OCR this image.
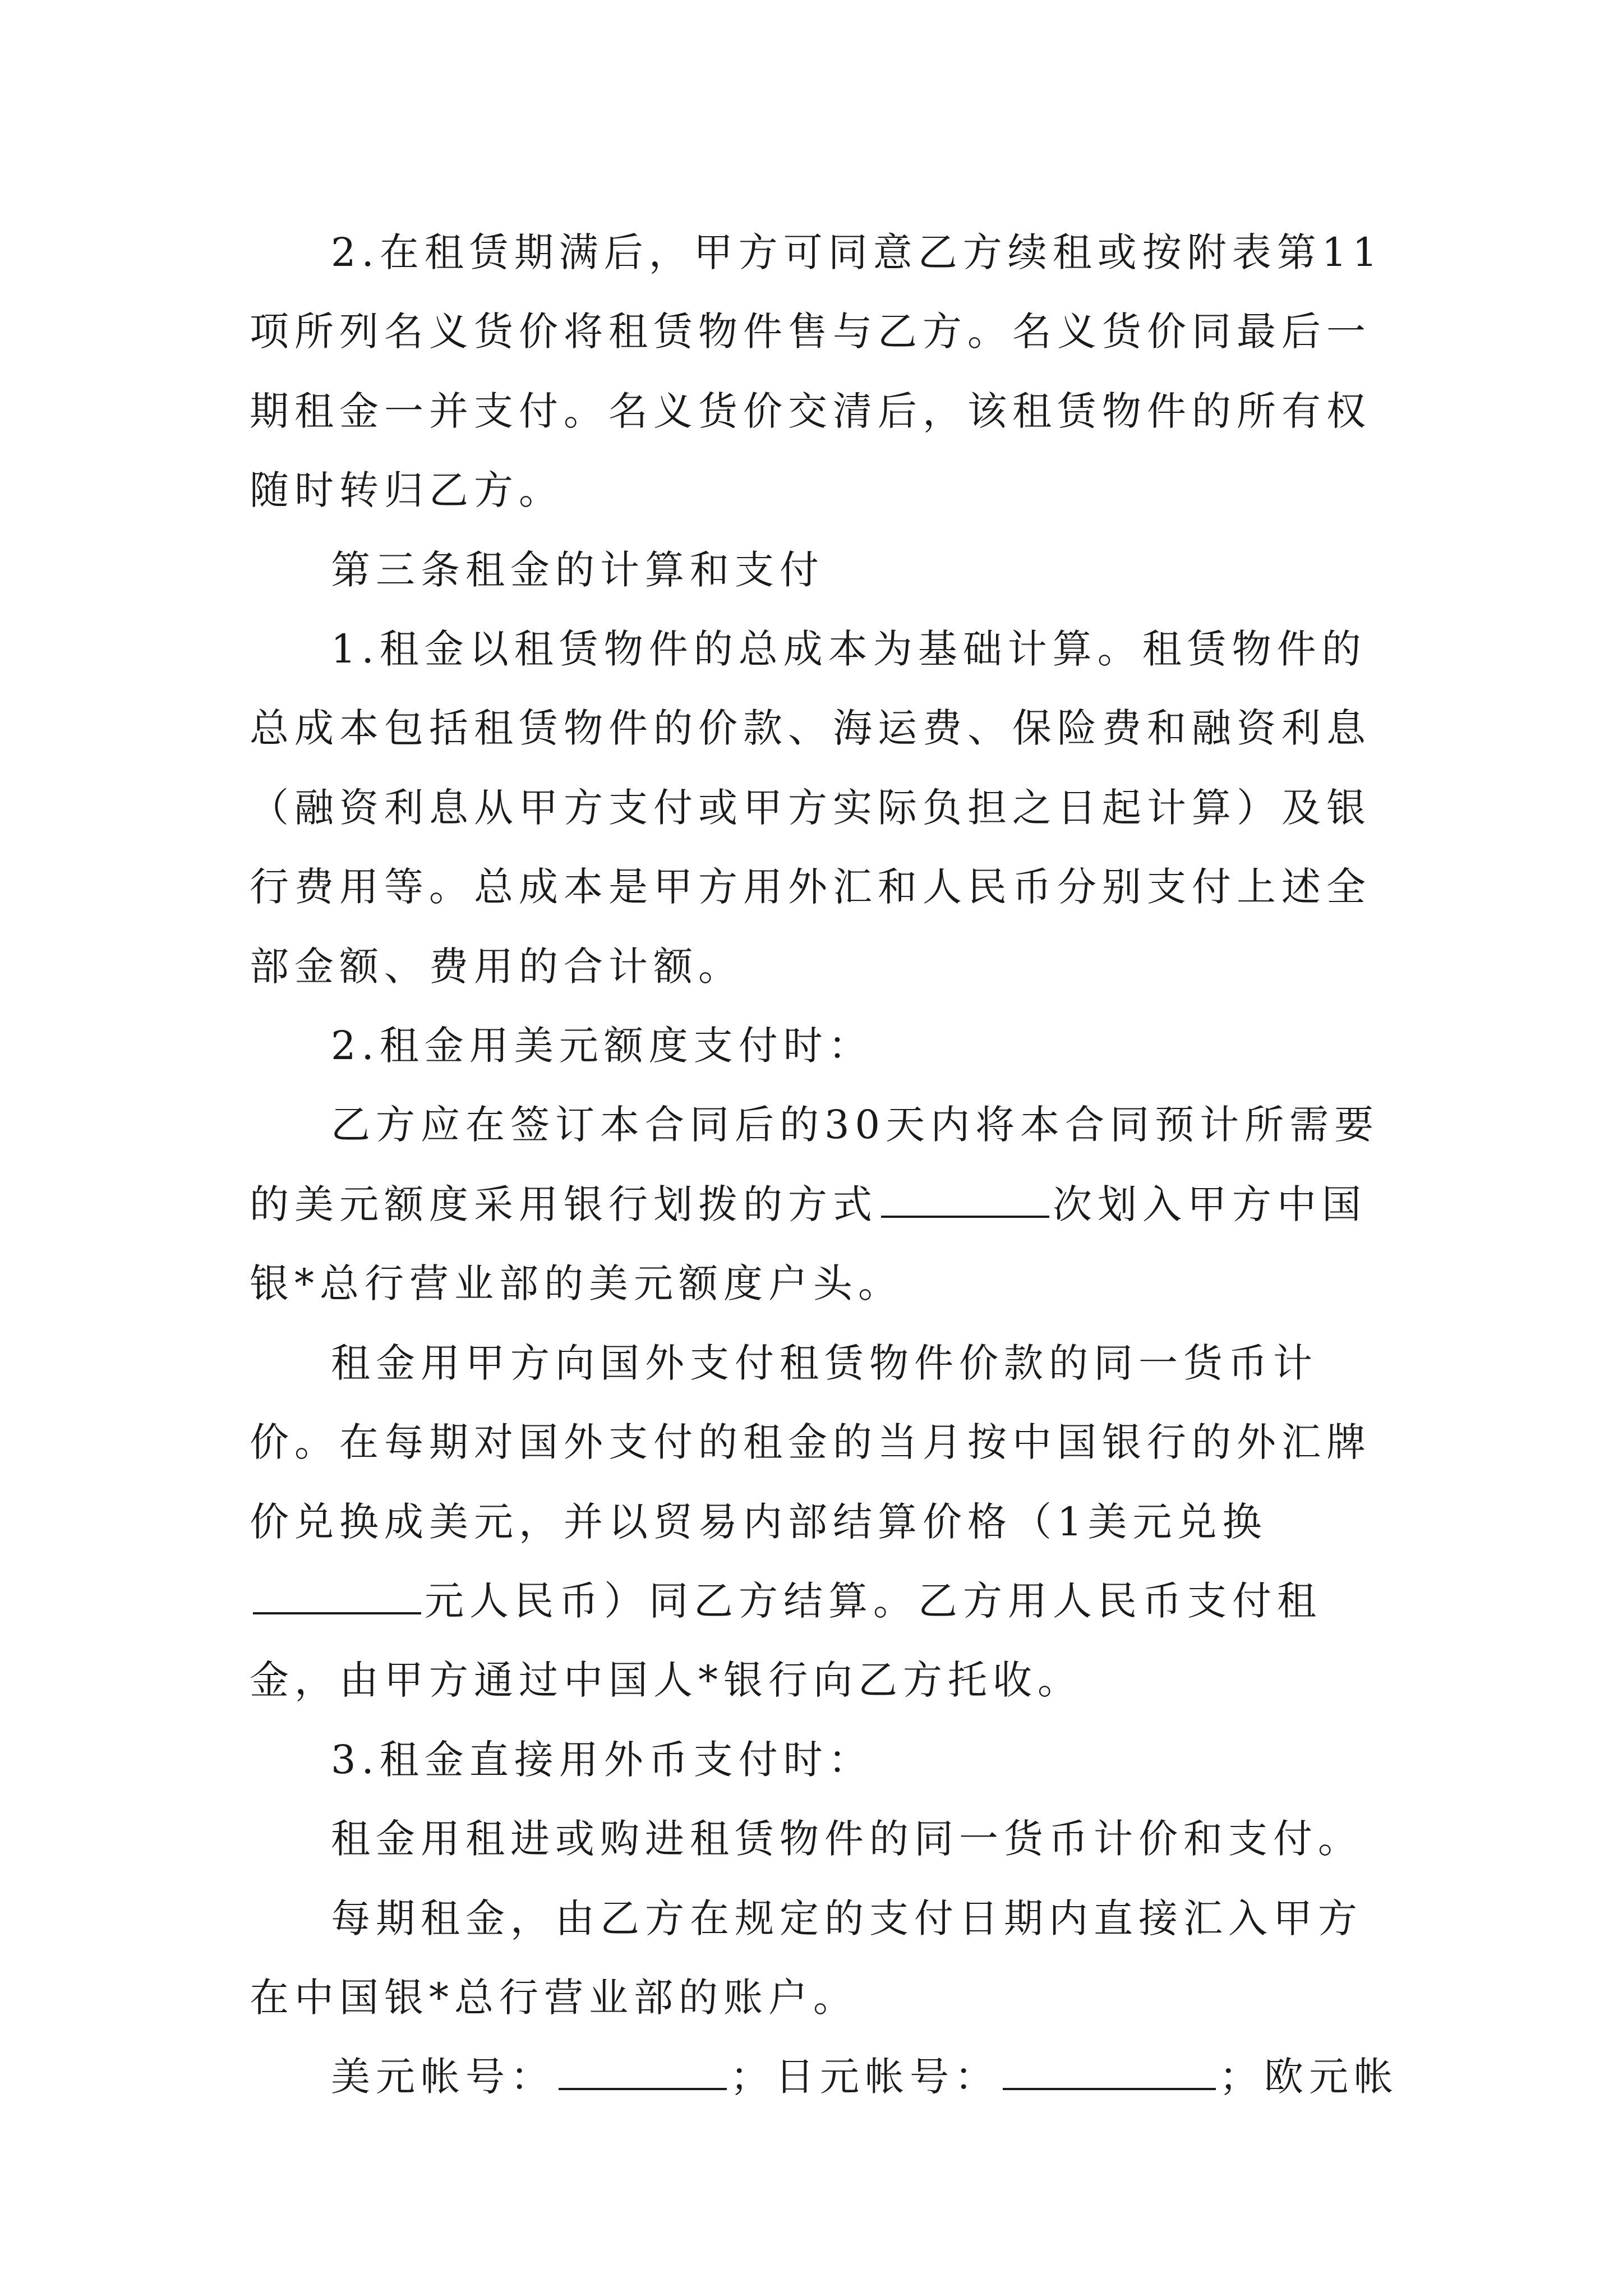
2.在租赁期满后，甲方可同意乙方续租或按附表第11项所列名义货价将租赁物件售与乙方。名义货价同最后一期租金一并支付。名义货价交清后，该租赁物件的所有权随时转归乙方。

第三条租金的计算和支付

1.租金以租赁物件的总成本为基础计算。租赁物件的总成本包括租赁物件的价款、海运费、保险费和融资利息（融资利息从甲方支付或甲方实际负担之日起计算）及银行费用等。总成本是甲方用外汇和人民币分别支付上述全部金额、费用的合计额。

2.租金用美元额度支付时：

乙方应在签订本合同后的30天内将本合同预计所需要的美元额度采用银行划拨的方式	次划入甲方中国银*总行营业部的美元额度户头。

租金用甲方向国外支付租赁物件价款的同一货币计价。在每期对国外支付的租金的当月按中国银行的外汇牌价兑换成美元，并以贸易内部结算价格（1美元兑换元人民币）同乙方结算。乙方用人民币支付租金，由甲方通过中国人*银行向乙方托收。

3.租金直接用外币支付时：

租金用租进或购进租赁物件的同一货币计价和支付。

每期租金，由乙方在规定的支付日期内直接汇入甲方在中国银*总行营业部的账户。

美元帐号：	；日元帐号：	；欧元帐
